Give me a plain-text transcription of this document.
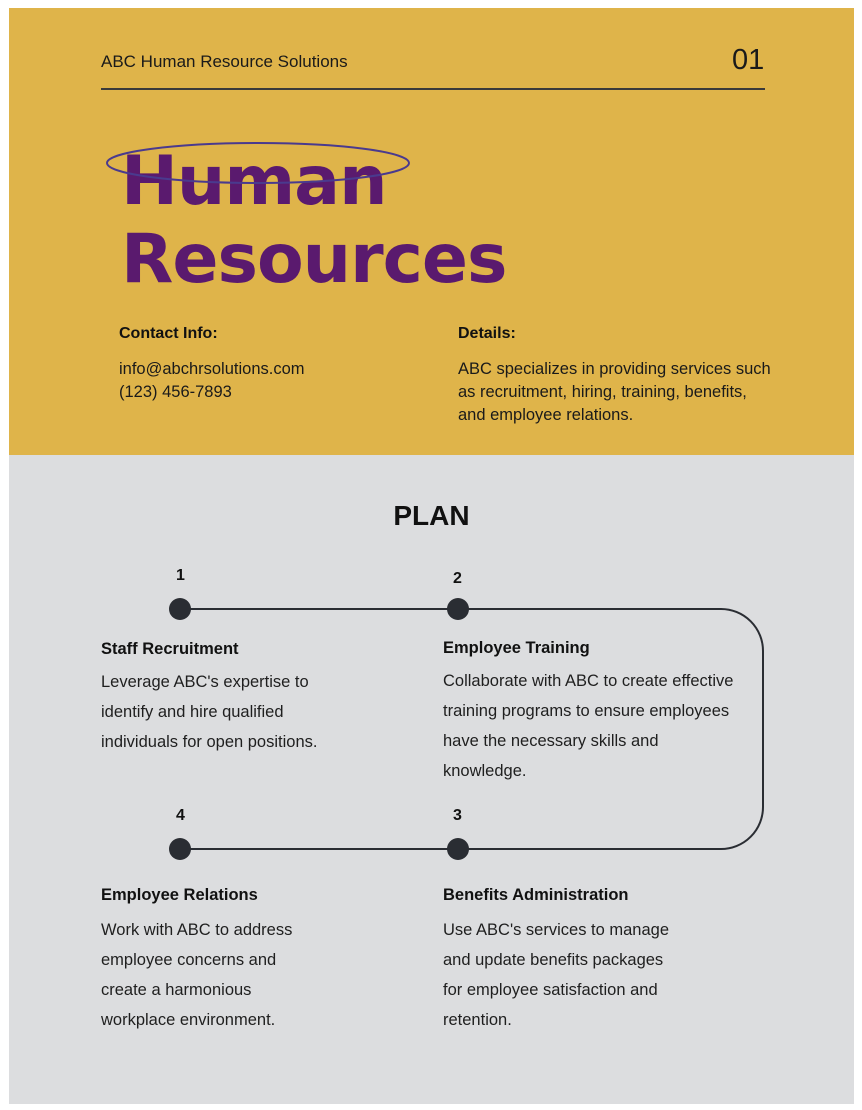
ABC Human Resource Solutions	01
Human
Resources
Contact Info:
info@abchrsolutions.com
(123) 456-7893
Details:
ABC specializes in providing services such as recruitment, hiring, training, benefits, and employee relations.
PLAN
1
Staff Recruitment
Leverage ABC's expertise to identify and hire qualified individuals for open positions.
2
Employee Training
Collaborate with ABC to create effective training programs to ensure employees have the necessary skills and knowledge.
4
Employee Relations
Work with ABC to address employee concerns and create a harmonious workplace environment.
3
Benefits Administration
Use ABC's services to manage and update benefits packages for employee satisfaction and retention.
